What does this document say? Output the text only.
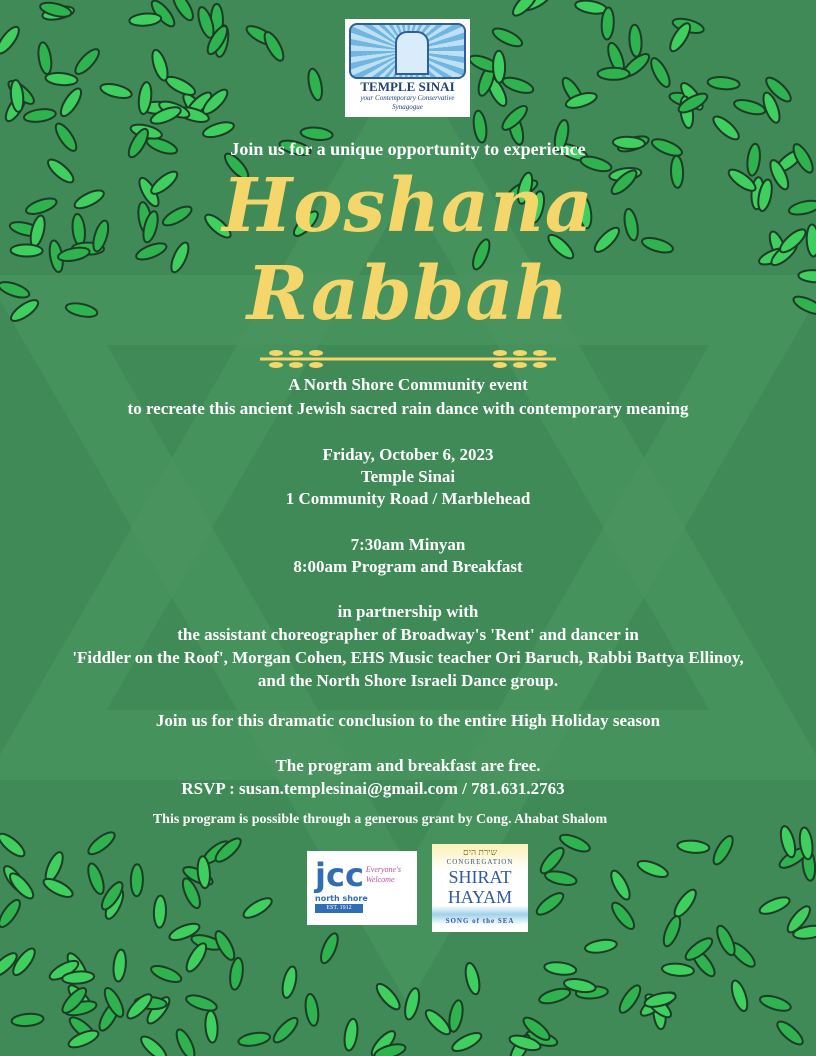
TEMPLE SINAI
your Contemporary Conservative Synagogue
Join us for a unique opportunity to experience
Hoshana
Rabbah
A North Shore Community event
to recreate this ancient Jewish sacred rain dance with contemporary meaning
Friday, October 6, 2023
Temple Sinai
1 Community Road / Marblehead
7:30am Minyan
8:00am Program and Breakfast
in partnership with
the assistant choreographer of Broadway's 'Rent' and dancer in
'Fiddler on the Roof', Morgan Cohen, EHS Music teacher Ori Baruch, Rabbi Battya Ellinoy,
and the North Shore Israeli Dance group.
Join us for this dramatic conclusion to the entire High Holiday season
The program and breakfast are free.
RSVP : susan.templesinai@gmail.com / 781.631.2763
This program is possible through a generous grant by Cong. Ahabat Shalom
jcc Everyone's Welcome
north shore
EST. 1912
שירת הים
CONGREGATION
SHIRAT
HAYAM
SONG of the SEA
